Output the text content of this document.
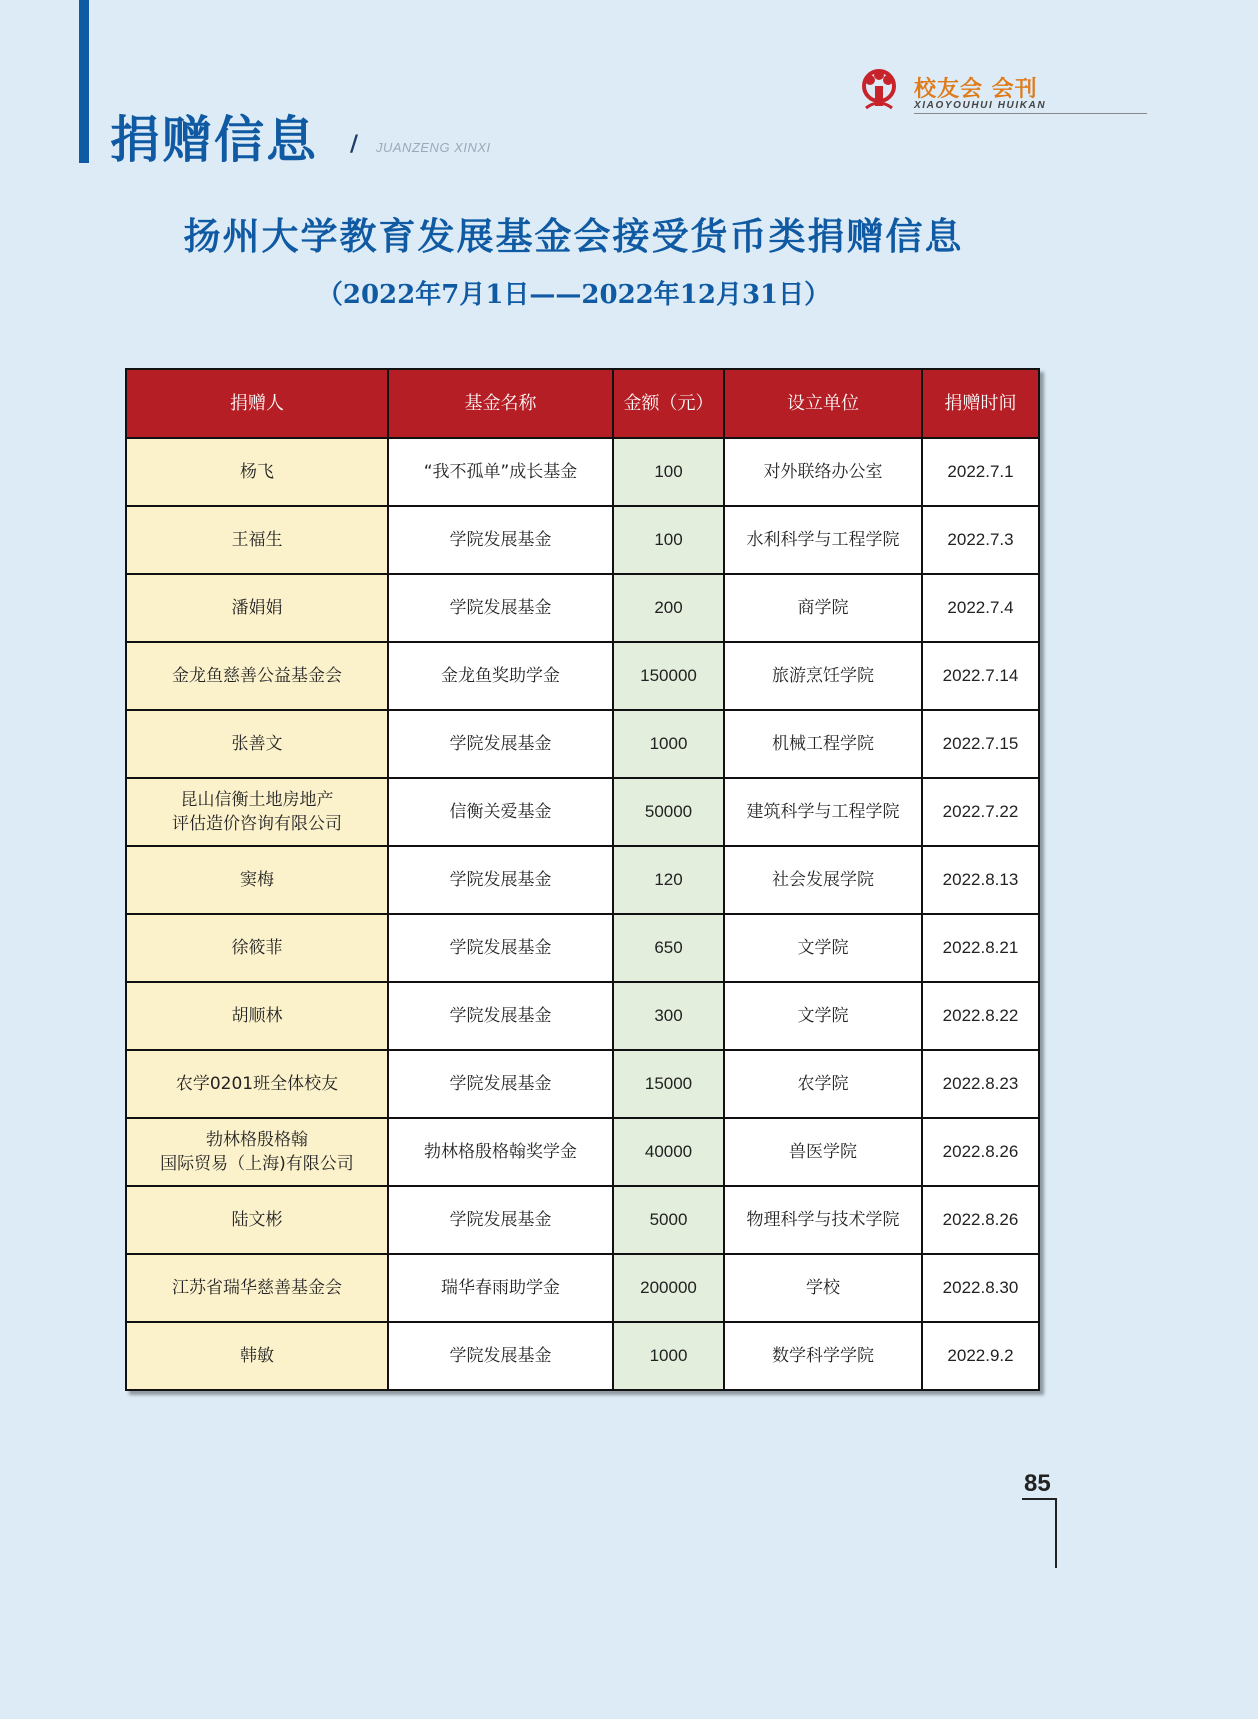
捐赠信息 / JUANZENG XINXI
校友会 会刊
XIAOYOUHUI HUIKAN
扬州大学教育发展基金会接受货币类捐赠信息
（2022年7月1日——2022年12月31日）
捐赠人	基金名称	金额（元）	设立单位	捐赠时间
杨飞	“我不孤单”成长基金	100	对外联络办公室	2022.7.1
王福生	学院发展基金	100	水利科学与工程学院	2022.7.3
潘娟娟	学院发展基金	200	商学院	2022.7.4
金龙鱼慈善公益基金会	金龙鱼奖助学金	150000	旅游烹饪学院	2022.7.14
张善文	学院发展基金	1000	机械工程学院	2022.7.15
昆山信衡土地房地产
评估造价咨询有限公司	信衡关爱基金	50000	建筑科学与工程学院	2022.7.22
窦梅	学院发展基金	120	社会发展学院	2022.8.13
徐筱菲	学院发展基金	650	文学院	2022.8.21
胡顺林	学院发展基金	300	文学院	2022.8.22
农学0201班全体校友	学院发展基金	15000	农学院	2022.8.23
勃林格殷格翰
国际贸易（上海)有限公司	勃林格殷格翰奖学金	40000	兽医学院	2022.8.26
陆文彬	学院发展基金	5000	物理科学与技术学院	2022.8.26
江苏省瑞华慈善基金会	瑞华春雨助学金	200000	学校	2022.8.30
韩敏	学院发展基金	1000	数学科学学院	2022.9.2
85
